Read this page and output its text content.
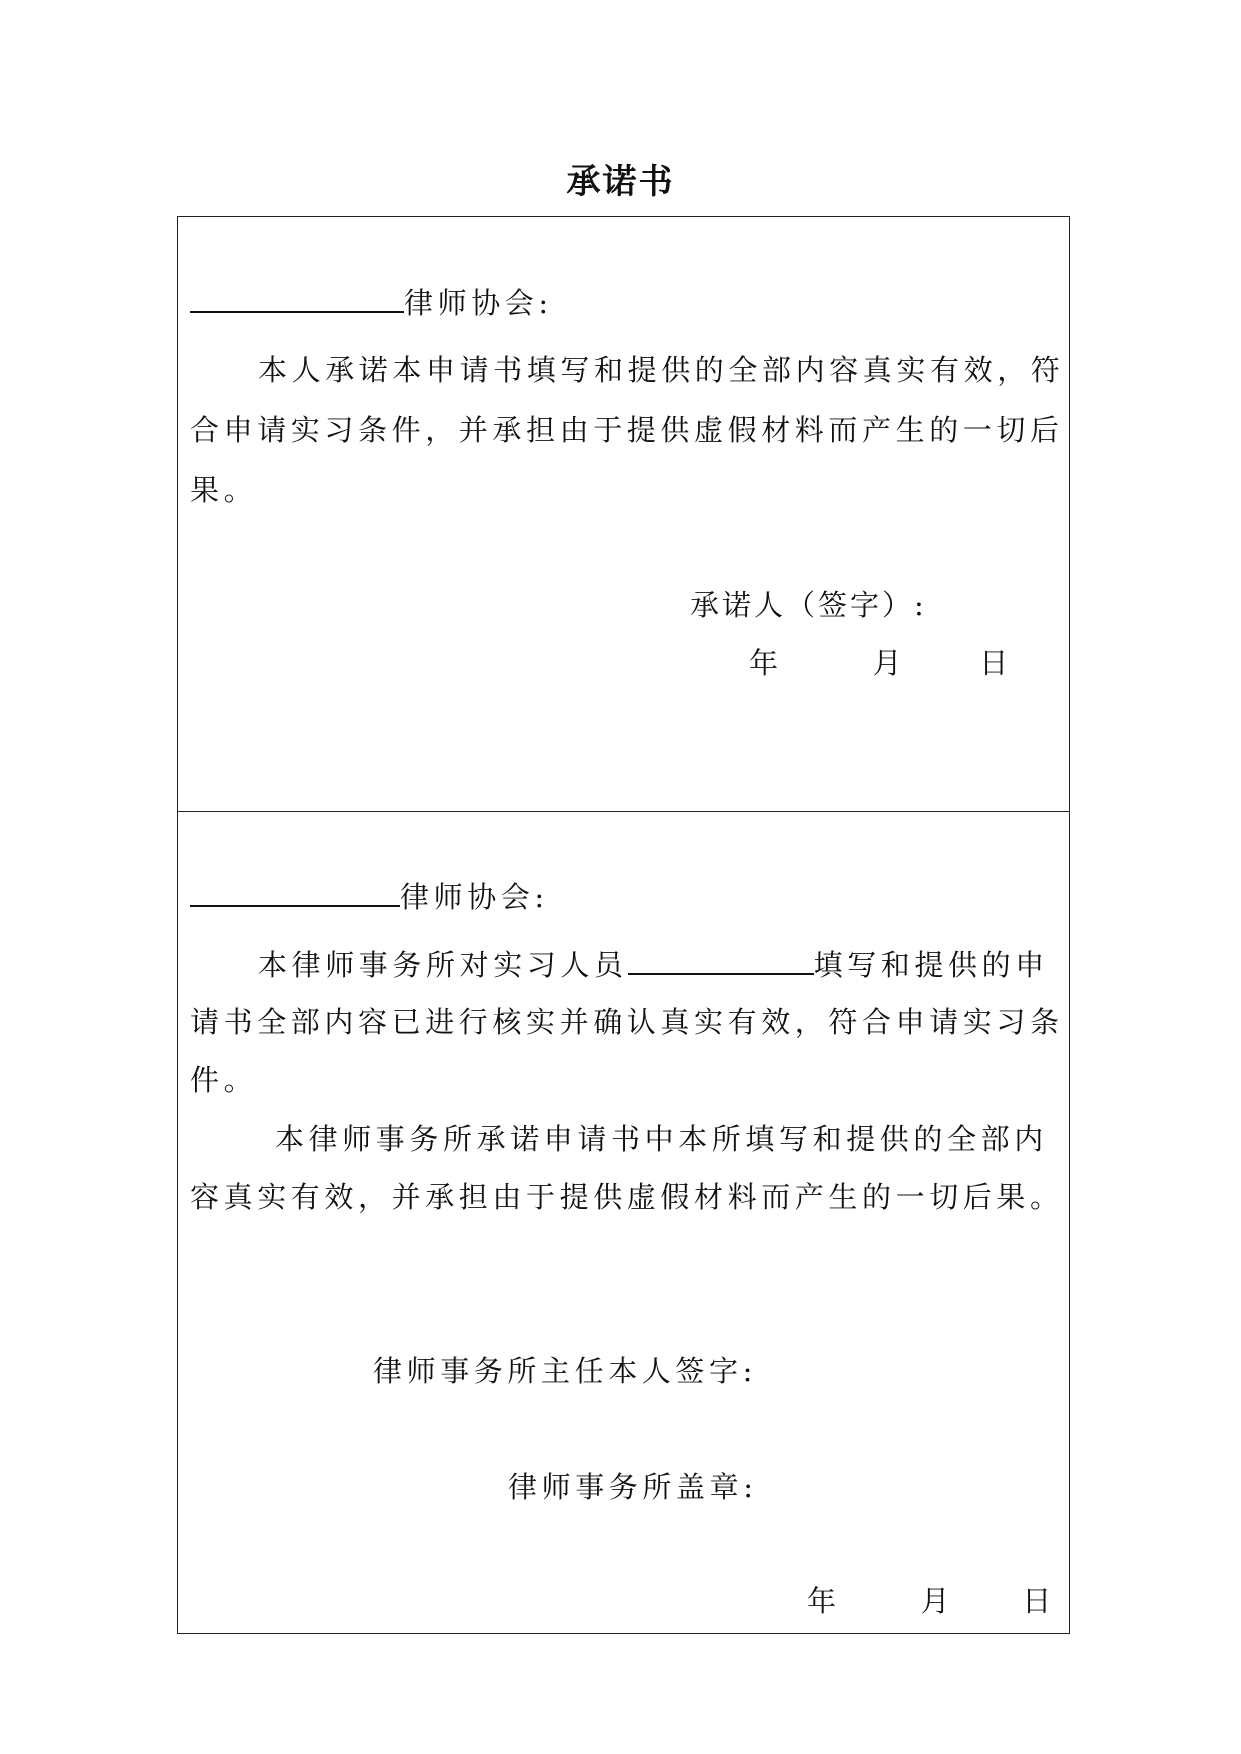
承诺书
律师协会:
本人承诺本申请书填写和提供的全部内容真实有效，符
合申请实习条件，并承担由于提供虚假材料而产生的一切后
果。
承诺人（签字）:
年	月	日
律师协会:
本律师事务所对实习人员	填写和提供的申
请书全部内容已进行核实并确认真实有效，符合申请实习条
件。
本律师事务所承诺申请书中本所填写和提供的全部内
容真实有效，并承担由于提供虚假材料而产生的一切后果。
律师事务所主任本人签字:
律师事务所盖章:
年	月 日
